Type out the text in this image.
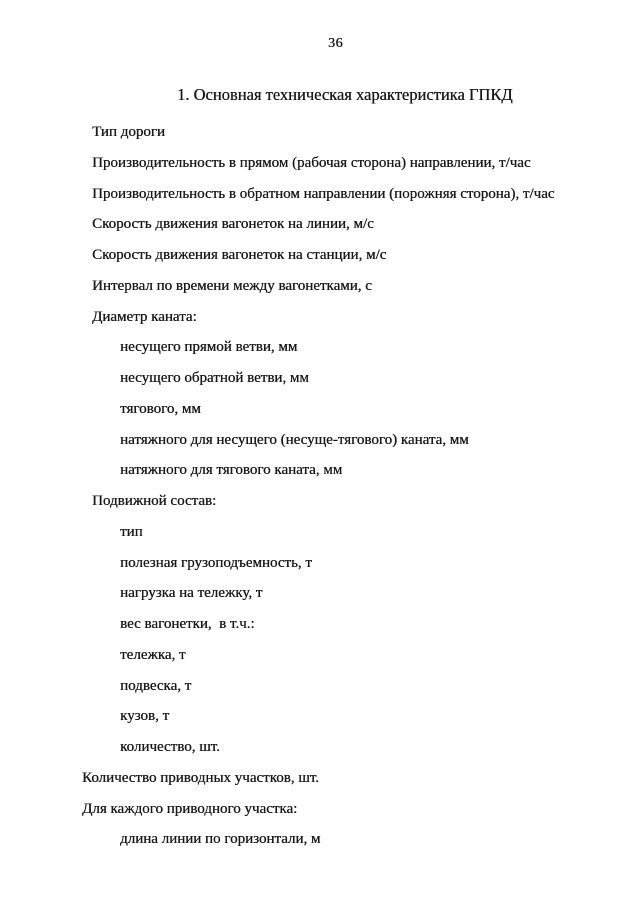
36
1. Основная техническая характеристика ГПКД
Тип дороги
Производительность в прямом (рабочая сторона) направлении, т/час
Производительность в обратном направлении (порожняя сторона), т/час
Скорость движения вагонеток на линии, м/с
Скорость движения вагонеток на станции, м/с
Интервал по времени между вагонетками, с
Диаметр каната:
несущего прямой ветви, мм
несущего обратной ветви, мм
тягового, мм
натяжного для несущего (несуще-тягового) каната, мм
натяжного для тягового каната, мм
Подвижной состав:
тип
полезная грузоподъемность, т
нагрузка на тележку, т
вес вагонетки,  в т.ч.:
тележка, т
подвеска, т
кузов, т
количество, шт.
Количество приводных участков, шт.
Для каждого приводного участка:
длина линии по горизонтали, м
